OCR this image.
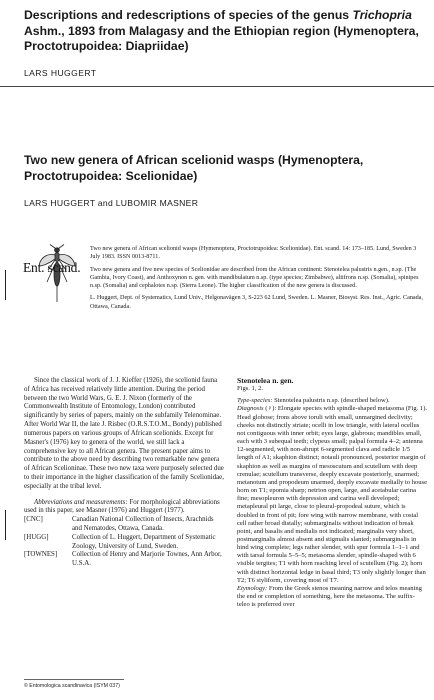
Descriptions and redescriptions of species of the genus Trichopria Ashm., 1893 from Malagasy and the Ethiopian region (Hymenoptera, Proctotrupoidea: Diapriidae)
LARS HUGGERT
Two new genera of African scelionid wasps (Hymenoptera, Proctotrupoidea: Scelionidae)
LARS HUGGERT and LUBOMIR MASNER
Ent. scand.

Two new genera of African scelionid wasps (Hymenoptera, Proctotrupoidea: Scelionidae). Ent. scand. 14: 173–185. Lund, Sweden 3 July 1983. ISSN 0013-8711.

Two new genera and five new species of Scelionidae are described from the African continent: Stenotelea palustris n.gen., n.sp. (The Gambia, Ivory Coast), and Anthoxynon n. gen. with mandibulatum n.sp. (type species; Zimbabwe), altifrons n.sp. (Somalia), spinipes n.sp. (Somalia) and cephalotes n.sp. (Sierra Leone). The higher classification of the new genera is discussed.

L. Huggert, Dept. of Systematics, Lund Univ., Helgonavägen 3, S-223 62 Lund, Sweden. L. Masner, Biosyst. Res. Inst., Agric. Canada, Ottawa, Canada.

Since the classical work of J. J. Kieffer (1926), the scelionid fauna of Africa has received relatively little attention. During the period between the two World Wars, G. E. J. Nixon (formerly of the Commonwealth Institute of Entomology, London) contributed significantly by series of papers, mainly on the subfamily Telenominae. After World War II, the late J. Risbec (O.R.S.T.O.M., Bondy) published numerous papers on various groups of African scelionids. Except for Masner's (1976) key to genera of the world, we still lack a comprehensive key to all African genera. The present paper aims to contribute to the above need by describing two remarkable new genera of African Scelioninae. These two new taxa were purposely selected due to their importance in the higher classification of the family Scelionidae, especially at the tribal level.

Abbreviations and measurements: For morphological abbreviations used in this paper, see Masner (1976) and Huggert (1977).

[CNC]	Canadian National Collection of Insects, Arachnids and Nematodes, Ottawa, Canada.
[HUGG]	Collection of L. Huggert, Department of Systematic Zoology, University of Lund, Sweden.
[TOWNES]	Collection of Henry and Marjorie Townes, Ann Arbor, U.S.A.
Stenotelea n. gen.
Figs. 1, 2.
Type-species: Stenotelea palustris n.sp. (described below).
Diagnosis (♀): Elongate species with spindle-shaped metasoma (Fig. 1). Head globose; frons above toruli with small, unmargined declivity; cheeks not distinctly striate; ocelli in low triangle, with lateral ocellus not contiguous with inner orbit; eyes large, glabrous; mandibles small, each with 3 subequal teeth; clypeus small; palpal formula 4–2; antenna 12-segmented, with non-abrupt 6-segmented clava and radicle 1/5 length of A1; skaphion distinct; notauli pronounced, posterior margin of skaphion as well as margins of mesoscutum and scutellum with deep crenulae; scutellum transverse, deeply excavate posteriorly, unarmed; metanotum and propodeum unarmed, deeply excavate medially to house horn on T1; epomia sharp; netrion open, large, and acetabular carina fine; mesopleuron with depression and carina well developed; metapleural pit large, close to pleural-propodeal suture, which is doubled in front of pit; fore wing with narrow membrane, with costal cell rather broad distally; submarginalis without indication of break point, and basalis and medialis not indicated; marginalis very short, postmarginalis almost absent and stigmalis slanted; submarginalis in hind wing complete; legs rather slender, with spur formula 1–1–1 and with tarsal formula 5–5–5; metasoma slender, spindle-shaped with 6 visible tergites; T1 with horn reaching level of scutellum (Fig. 2); horn with distinct horizontal ledge in basal third; T3 only slightly longer than T2; T6 styliform, covering most of T7.
Etymology: From the Greek stenos meaning narrow and telos meaning the end or completion of something, here the metasoma. The suffix-teleo is preferred over
© Entomologica scandinavica (ISYM 037)
